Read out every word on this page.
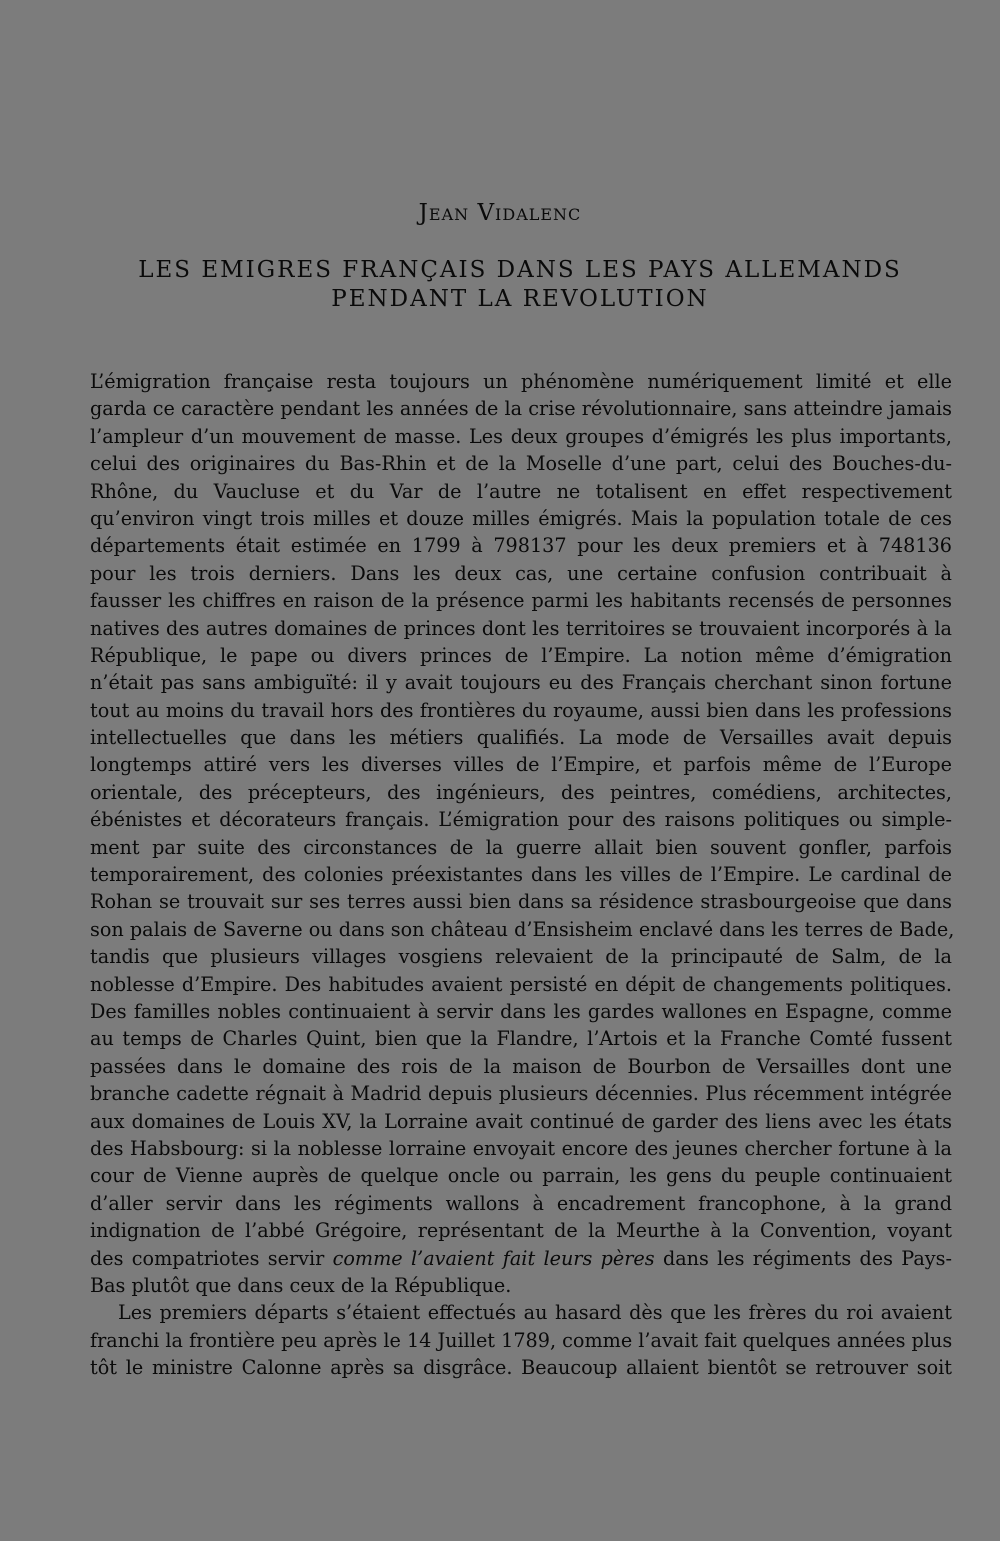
Jean Vidalenc
LES EMIGRES FRANÇAIS DANS LES PAYS ALLEMANDS
PENDANT LA REVOLUTION
L’émigration française resta toujours un phénomène numériquement limité et elle
garda ce caractère pendant les années de la crise révolutionnaire, sans atteindre jamais
l’ampleur d’un mouvement de masse. Les deux groupes d’émigrés les plus importants,
celui des originaires du Bas-Rhin et de la Moselle d’une part, celui des Bouches-du-
Rhône, du Vaucluse et du Var de l’autre ne totalisent en effet respectivement
qu’environ vingt trois milles et douze milles émigrés. Mais la population totale de ces
départements était estimée en 1799 à 798137 pour les deux premiers et à 748136
pour les trois derniers. Dans les deux cas, une certaine confusion contribuait à
fausser les chiffres en raison de la présence parmi les habitants recensés de personnes
natives des autres domaines de princes dont les territoires se trouvaient incorporés à la
République, le pape ou divers princes de l’Empire. La notion même d’émigration
n’était pas sans ambiguïté: il y avait toujours eu des Français cherchant sinon fortune
tout au moins du travail hors des frontières du royaume, aussi bien dans les professions
intellectuelles que dans les métiers qualifiés. La mode de Versailles avait depuis
longtemps attiré vers les diverses villes de l’Empire, et parfois même de l’Europe
orientale, des précepteurs, des ingénieurs, des peintres, comédiens, architectes,
ébénistes et décorateurs français. L’émigration pour des raisons politiques ou simple-
ment par suite des circonstances de la guerre allait bien souvent gonfler, parfois
temporairement, des colonies préexistantes dans les villes de l’Empire. Le cardinal de
Rohan se trouvait sur ses terres aussi bien dans sa résidence strasbourgeoise que dans
son palais de Saverne ou dans son château d’Ensisheim enclavé dans les terres de Bade,
tandis que plusieurs villages vosgiens relevaient de la principauté de Salm, de la
noblesse d’Empire. Des habitudes avaient persisté en dépit de changements politiques.
Des familles nobles continuaient à servir dans les gardes wallones en Espagne, comme
au temps de Charles Quint, bien que la Flandre, l’Artois et la Franche Comté fussent
passées dans le domaine des rois de la maison de Bourbon de Versailles dont une
branche cadette régnait à Madrid depuis plusieurs décennies. Plus récemment intégrée
aux domaines de Louis XV, la Lorraine avait continué de garder des liens avec les états
des Habsbourg: si la noblesse lorraine envoyait encore des jeunes chercher fortune à la
cour de Vienne auprès de quelque oncle ou parrain, les gens du peuple continuaient
d’aller servir dans les régiments wallons à encadrement francophone, à la grand
indignation de l’abbé Grégoire, représentant de la Meurthe à la Convention, voyant
des compatriotes servir comme l’avaient fait leurs pères dans les régiments des Pays-
Bas plutôt que dans ceux de la République.
Les premiers départs s’étaient effectués au hasard dès que les frères du roi avaient
franchi la frontière peu après le 14 Juillet 1789, comme l’avait fait quelques années plus
tôt le ministre Calonne après sa disgrâce. Beaucoup allaient bientôt se retrouver soit
